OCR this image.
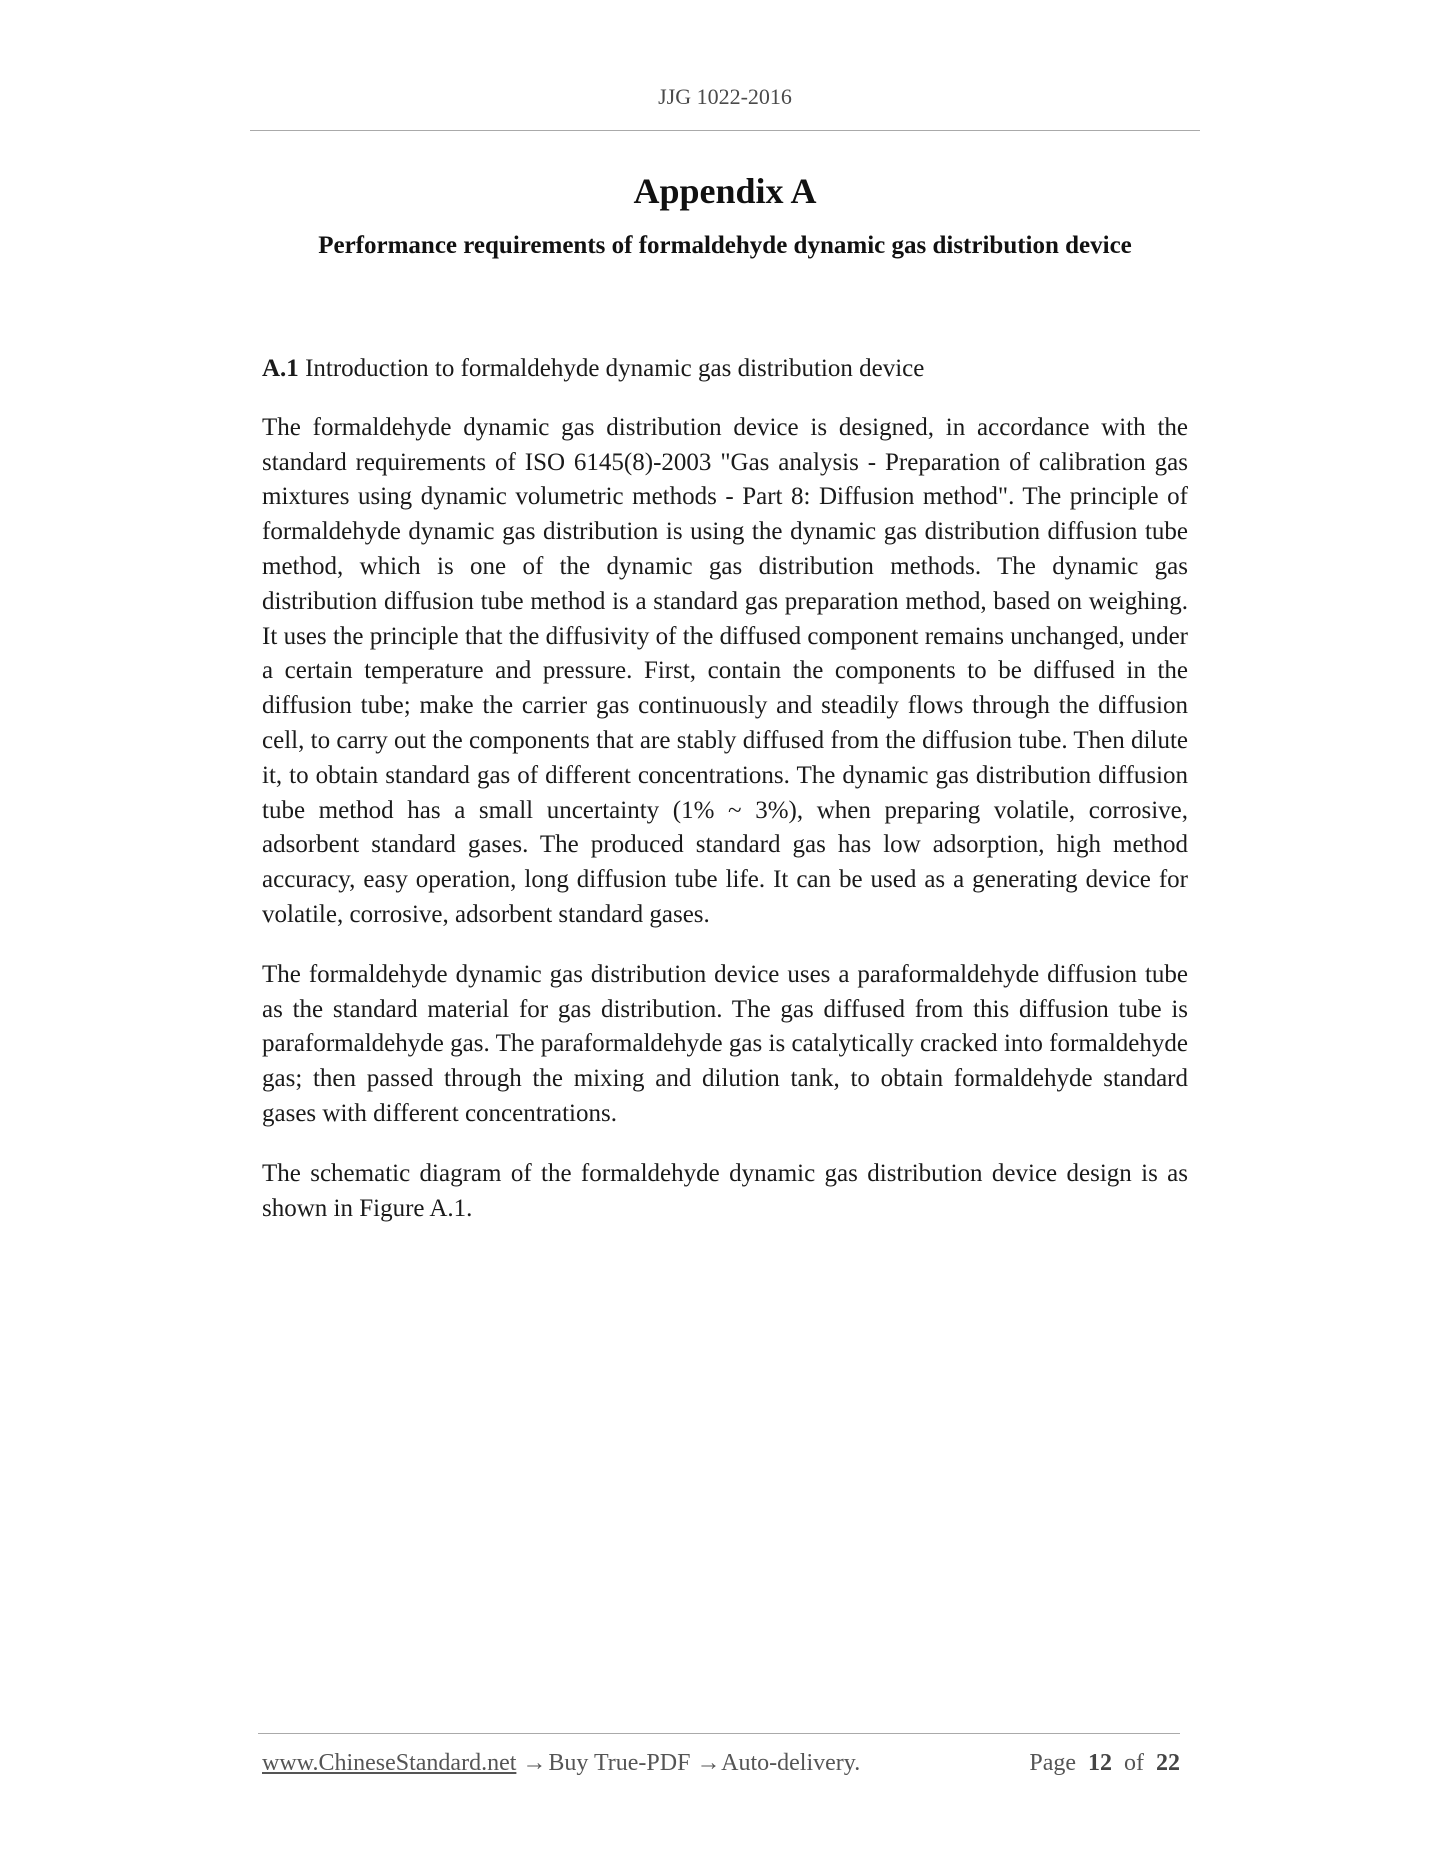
JJG 1022-2016
Appendix A
Performance requirements of formaldehyde dynamic gas distribution device

A.1 Introduction to formaldehyde dynamic gas distribution device

The formaldehyde dynamic gas distribution device is designed, in accordance with the standard requirements of ISO 6145(8)-2003 "Gas analysis - Preparation of calibration gas mixtures using dynamic volumetric methods - Part 8: Diffusion method". The principle of formaldehyde dynamic gas distribution is using the dynamic gas distribution diffusion tube method, which is one of the dynamic gas distribution methods. The dynamic gas distribution diffusion tube method is a standard gas preparation method, based on weighing. It uses the principle that the diffusivity of the diffused component remains unchanged, under a certain temperature and pressure. First, contain the components to be diffused in the diffusion tube; make the carrier gas continuously and steadily flows through the diffusion cell, to carry out the components that are stably diffused from the diffusion tube. Then dilute it, to obtain standard gas of different concentrations. The dynamic gas distribution diffusion tube method has a small uncertainty (1% ~ 3%), when preparing volatile, corrosive, adsorbent standard gases. The produced standard gas has low adsorption, high method accuracy, easy operation, long diffusion tube life. It can be used as a generating device for volatile, corrosive, adsorbent standard gases.

The formaldehyde dynamic gas distribution device uses a paraformaldehyde diffusion tube as the standard material for gas distribution. The gas diffused from this diffusion tube is paraformaldehyde gas. The paraformaldehyde gas is catalytically cracked into formaldehyde gas; then passed through the mixing and dilution tank, to obtain formaldehyde standard gases with different concentrations.

The schematic diagram of the formaldehyde dynamic gas distribution device design is as shown in Figure A.1.

www.ChineseStandard.net → Buy True-PDF → Auto-delivery.	Page 12 of 22
